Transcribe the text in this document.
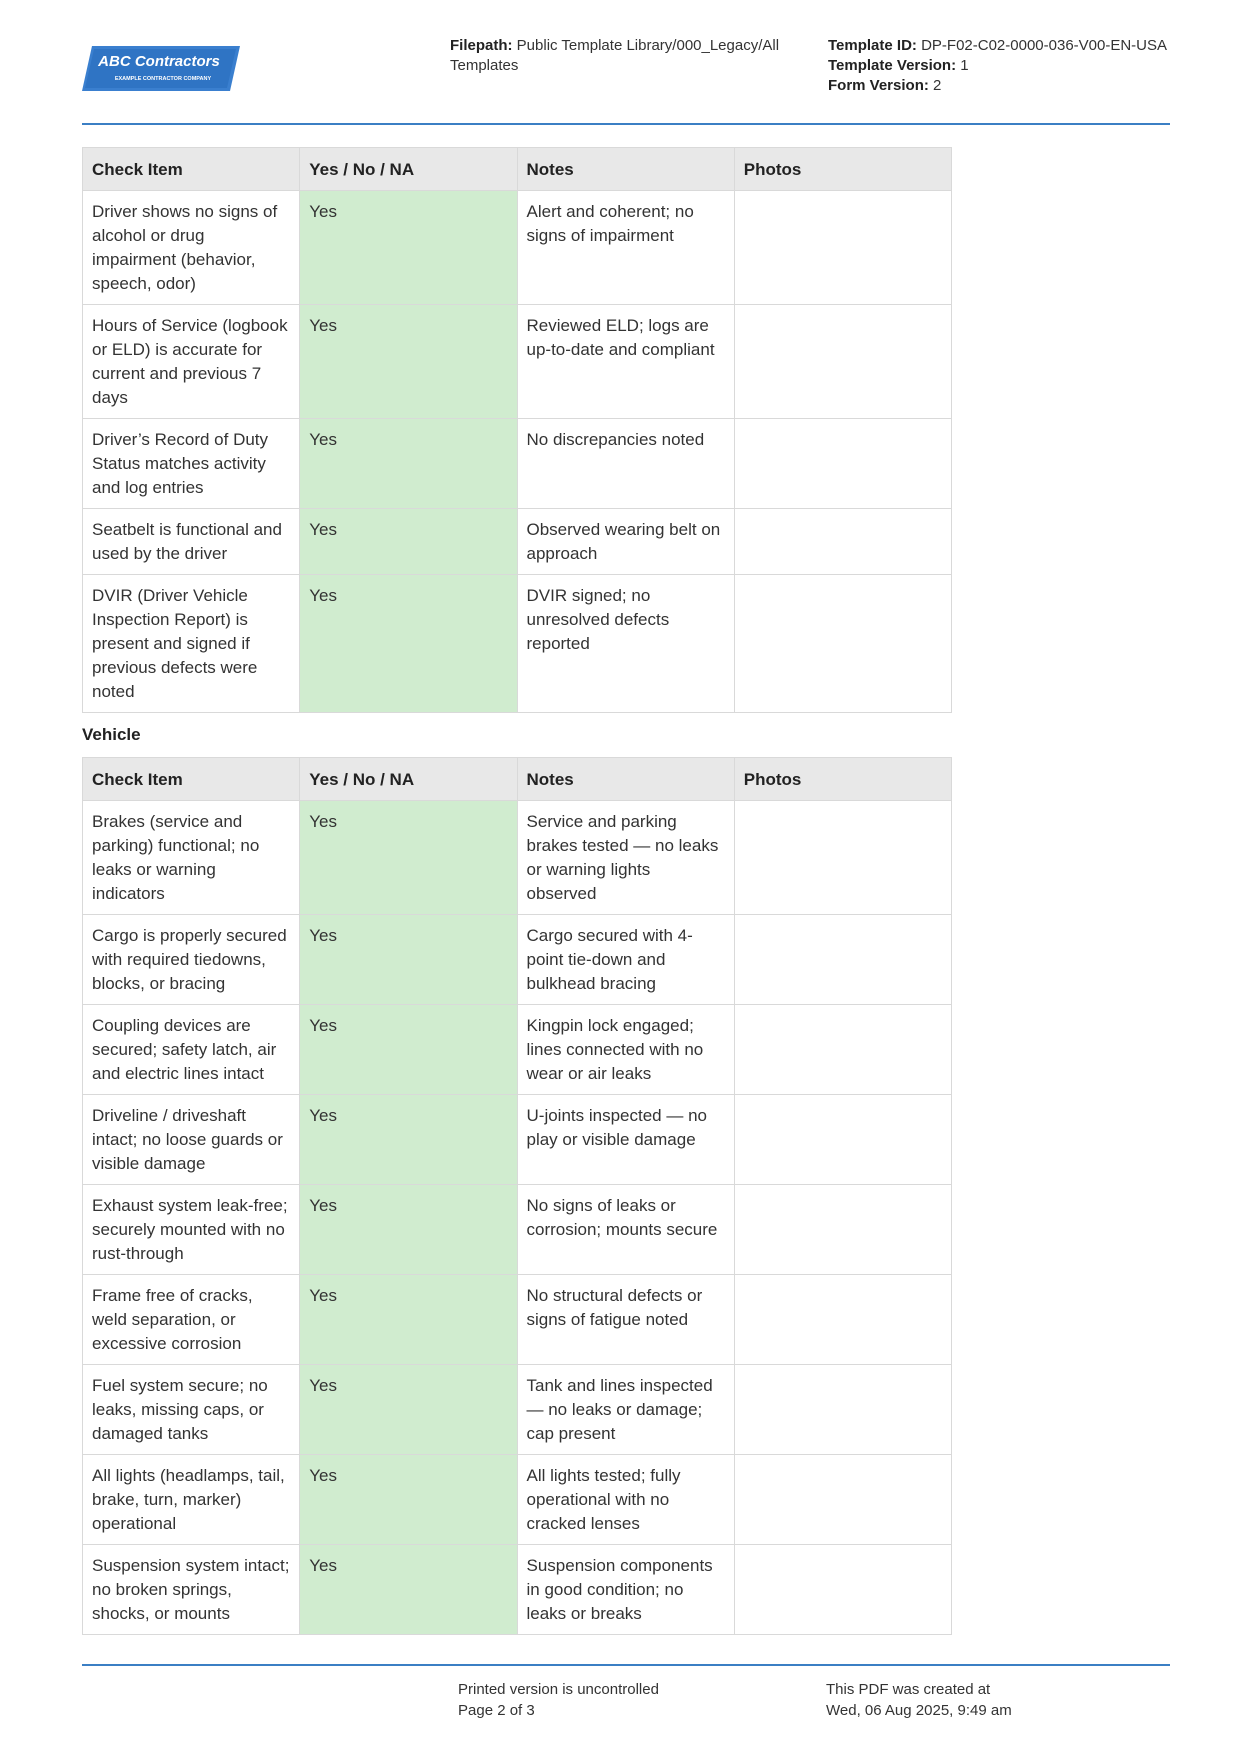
ABC Contractors
EXAMPLE CONTRACTOR COMPANY
Filepath: Public Template Library/000_Legacy/All Templates
Template ID: DP-F02-C02-0000-036-V00-EN-USA
Template Version: 1
Form Version: 2
Check Item	Yes / No / NA	Notes	Photos
Driver shows no signs of alcohol or drug impairment (behavior, speech, odor)	Yes	Alert and coherent; no signs of impairment	
Hours of Service (logbook or ELD) is accurate for current and previous 7 days	Yes	Reviewed ELD; logs are up-to-date and compliant	
Driver’s Record of Duty Status matches activity and log entries	Yes	No discrepancies noted	
Seatbelt is functional and used by the driver	Yes	Observed wearing belt on approach	
DVIR (Driver Vehicle Inspection Report) is present and signed if previous defects were noted	Yes	DVIR signed; no unresolved defects reported	
Vehicle
Check Item	Yes / No / NA	Notes	Photos
Brakes (service and parking) functional; no leaks or warning indicators	Yes	Service and parking brakes tested — no leaks or warning lights observed	
Cargo is properly secured with required tiedowns, blocks, or bracing	Yes	Cargo secured with 4-point tie-down and bulkhead bracing	
Coupling devices are secured; safety latch, air and electric lines intact	Yes	Kingpin lock engaged; lines connected with no wear or air leaks	
Driveline / driveshaft intact; no loose guards or visible damage	Yes	U-joints inspected — no play or visible damage	
Exhaust system leak-free; securely mounted with no rust-through	Yes	No signs of leaks or corrosion; mounts secure	
Frame free of cracks, weld separation, or excessive corrosion	Yes	No structural defects or signs of fatigue noted	
Fuel system secure; no leaks, missing caps, or damaged tanks	Yes	Tank and lines inspected — no leaks or damage; cap present	
All lights (headlamps, tail, brake, turn, marker) operational	Yes	All lights tested; fully operational with no cracked lenses	
Suspension system intact; no broken springs, shocks, or mounts	Yes	Suspension components in good condition; no leaks or breaks	
Printed version is uncontrolled
Page 2 of 3
This PDF was created at
Wed, 06 Aug 2025, 9:49 am
